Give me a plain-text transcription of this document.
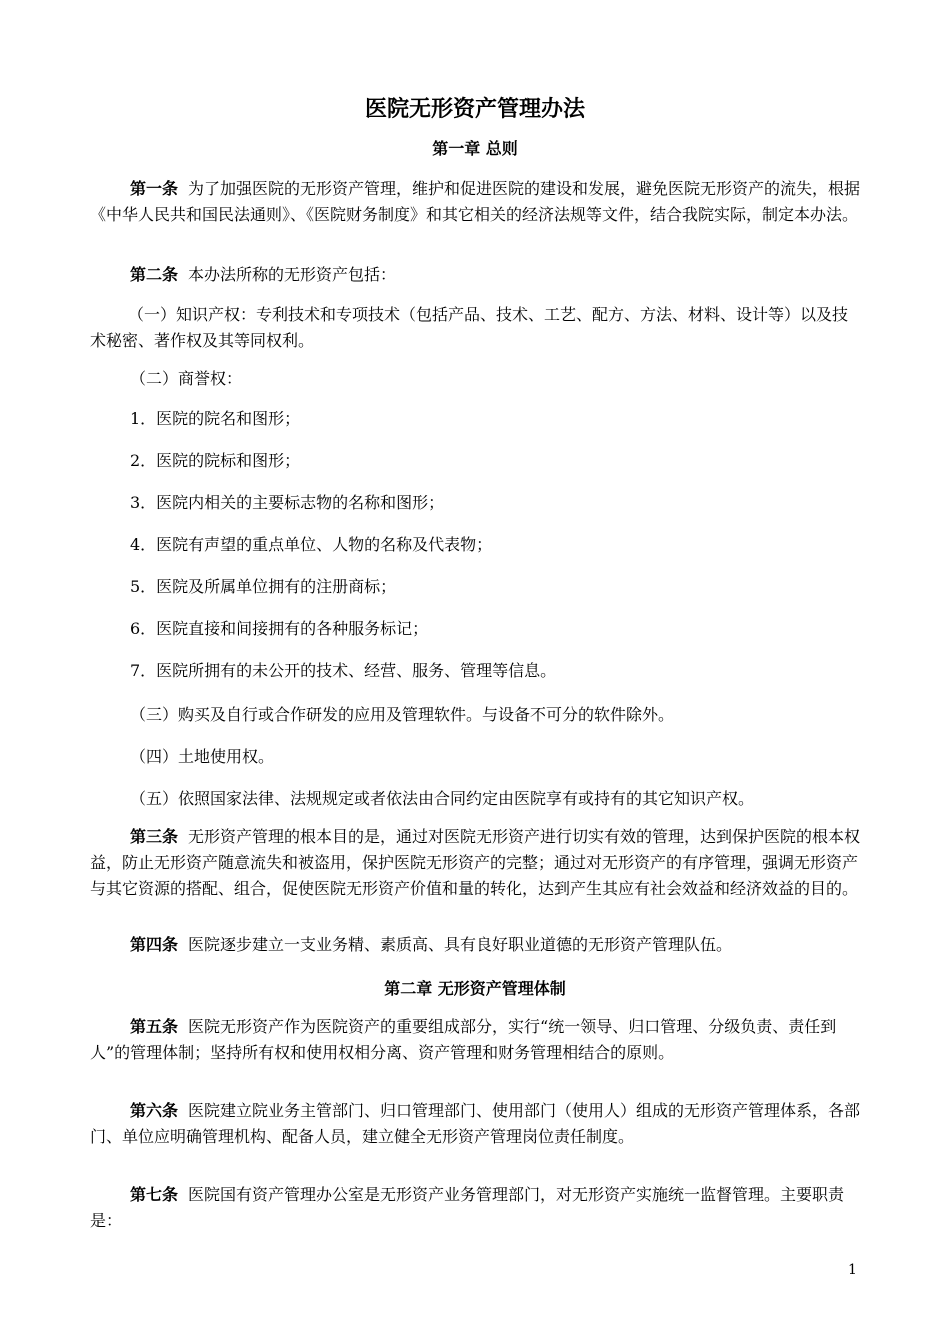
医院无形资产管理办法
第一章 总则
第一条 为了加强医院的无形资产管理，维护和促进医院的建设和发展，避免医院无形资产的流失，根据《中华人民共和国民法通则》、《医院财务制度》和其它相关的经济法规等文件，结合我院实际，制定本办法。
第二条 本办法所称的无形资产包括：
（一）知识产权：专利技术和专项技术（包括产品、技术、工艺、配方、方法、材料、设计等）以及技术秘密、著作权及其等同权利。
（二）商誉权：
1．医院的院名和图形；
2．医院的院标和图形；
3．医院内相关的主要标志物的名称和图形；
4．医院有声望的重点单位、人物的名称及代表物；
5．医院及所属单位拥有的注册商标；
6．医院直接和间接拥有的各种服务标记；
7．医院所拥有的未公开的技术、经营、服务、管理等信息。
（三）购买及自行或合作研发的应用及管理软件。与设备不可分的软件除外。
（四）土地使用权。
（五）依照国家法律、法规规定或者依法由合同约定由医院享有或持有的其它知识产权。
第三条 无形资产管理的根本目的是，通过对医院无形资产进行切实有效的管理，达到保护医院的根本权益，防止无形资产随意流失和被盗用，保护医院无形资产的完整；通过对无形资产的有序管理，强调无形资产与其它资源的搭配、组合，促使医院无形资产价值和量的转化，达到产生其应有社会效益和经济效益的目的。
第四条 医院逐步建立一支业务精、素质高、具有良好职业道德的无形资产管理队伍。
第二章 无形资产管理体制
第五条 医院无形资产作为医院资产的重要组成部分，实行“统一领导、归口管理、分级负责、责任到人”的管理体制；坚持所有权和使用权相分离、资产管理和财务管理相结合的原则。
第六条 医院建立院业务主管部门、归口管理部门、使用部门（使用人）组成的无形资产管理体系，各部门、单位应明确管理机构、配备人员，建立健全无形资产管理岗位责任制度。
第七条 医院国有资产管理办公室是无形资产业务管理部门，对无形资产实施统一监督管理。主要职责是：
1
